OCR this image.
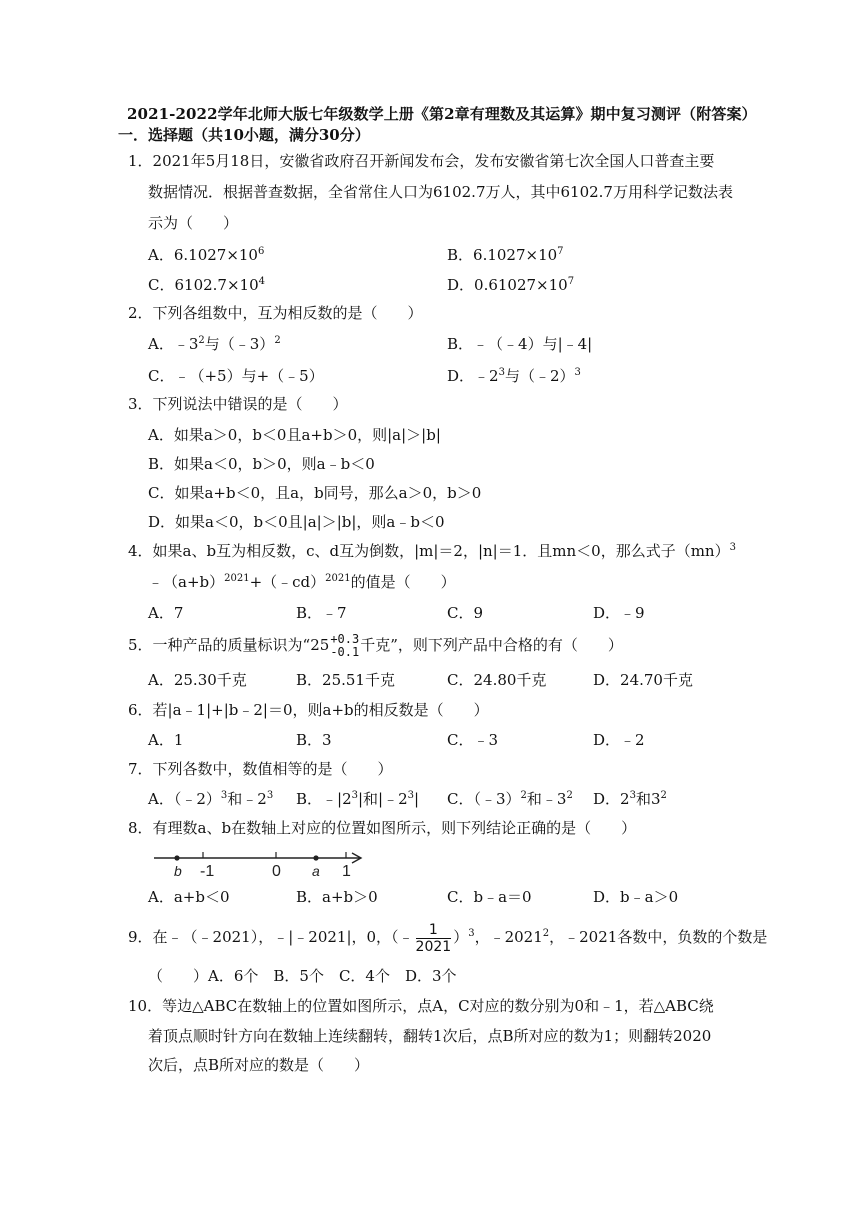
2021-2022学年北师大版七年级数学上册《第2章有理数及其运算》期中复习测评（附答案）
一．选择题（共10小题，满分30分）
1．2021年5月18日，安徽省政府召开新闻发布会，发布安徽省第七次全国人口普查主要
数据情况．根据普查数据，全省常住人口为6102.7万人，其中6102.7万用科学记数法表
示为（　　）
A．$6.1027\times 10^6$	B．$6.1027\times 10^7$
C．$6102.7\times 10^4$	D．$0.61027\times 10^7$
2．下列各组数中，互为相反数的是（　　）
A．$﹣3^2$与（﹣3）$^2$	B．﹣（﹣4）与|﹣4|
C．﹣（+5）与+（﹣5）	D．$﹣2^3$与（﹣2）$^3$
3．下列说法中错误的是（　　）
A．如果a＞0，b＜0且a+b＞0，则|a|＞|b|
B．如果a＜0，b＞0，则a﹣b＜0
C．如果a+b＜0，且a，b同号，那么a＞0，b＞0
D．如果a＜0，b＜0且|a|＞|b|，则a﹣b＜0
4．如果a、b互为相反数，c、d互为倒数，|m|＝2，|n|＝1．且mn＜0，那么式子（mn）$^3$
$﹣(a+b)^{2021}+(﹣cd)^{2021}$的值是（　　）
A．7	B．﹣7	C．9	D．﹣9
5．一种产品的质量标识为“25 +0.3
-0.1 千克”，则下列产品中合格的有（　　）
A．25.30千克	B．25.51千克	C．24.80千克	D．24.70千克
6．若|a﹣1|+|b﹣2|＝0，则a+b的相反数是（　　）
A．1	B．3	C．﹣3	D．﹣2
7．下列各数中，数值相等的是（　　）
A．（﹣2）$^3$和$﹣2^3$ B．$﹣|2^3|$和$|﹣2^3|$ C．（﹣3）$^2$和$﹣3^2$ D．$2^3$和$3^2$
8．有理数a、b在数轴上对应的位置如图所示，则下列结论正确的是（　　）
b -1	0 a 1
A．a+b＜0	B．a+b＞0	C．b﹣a＝0	D．b﹣a＞0
9．在﹣（﹣2021），﹣|﹣2021|，0，（﹣ $\frac{1}{2021} )^3$，﹣2021$^2$，﹣2021各数中，负数的个数是
（　　）A．6个　B．5个　C．4个　D．3个
10．等边△ABC在数轴上的位置如图所示，点A，C对应的数分别为0和﹣1，若△ABC绕
着顶点顺时针方向在数轴上连续翻转，翻转1次后，点B所对应的数为1；则翻转2020
次后，点B所对应的数是（　　）
